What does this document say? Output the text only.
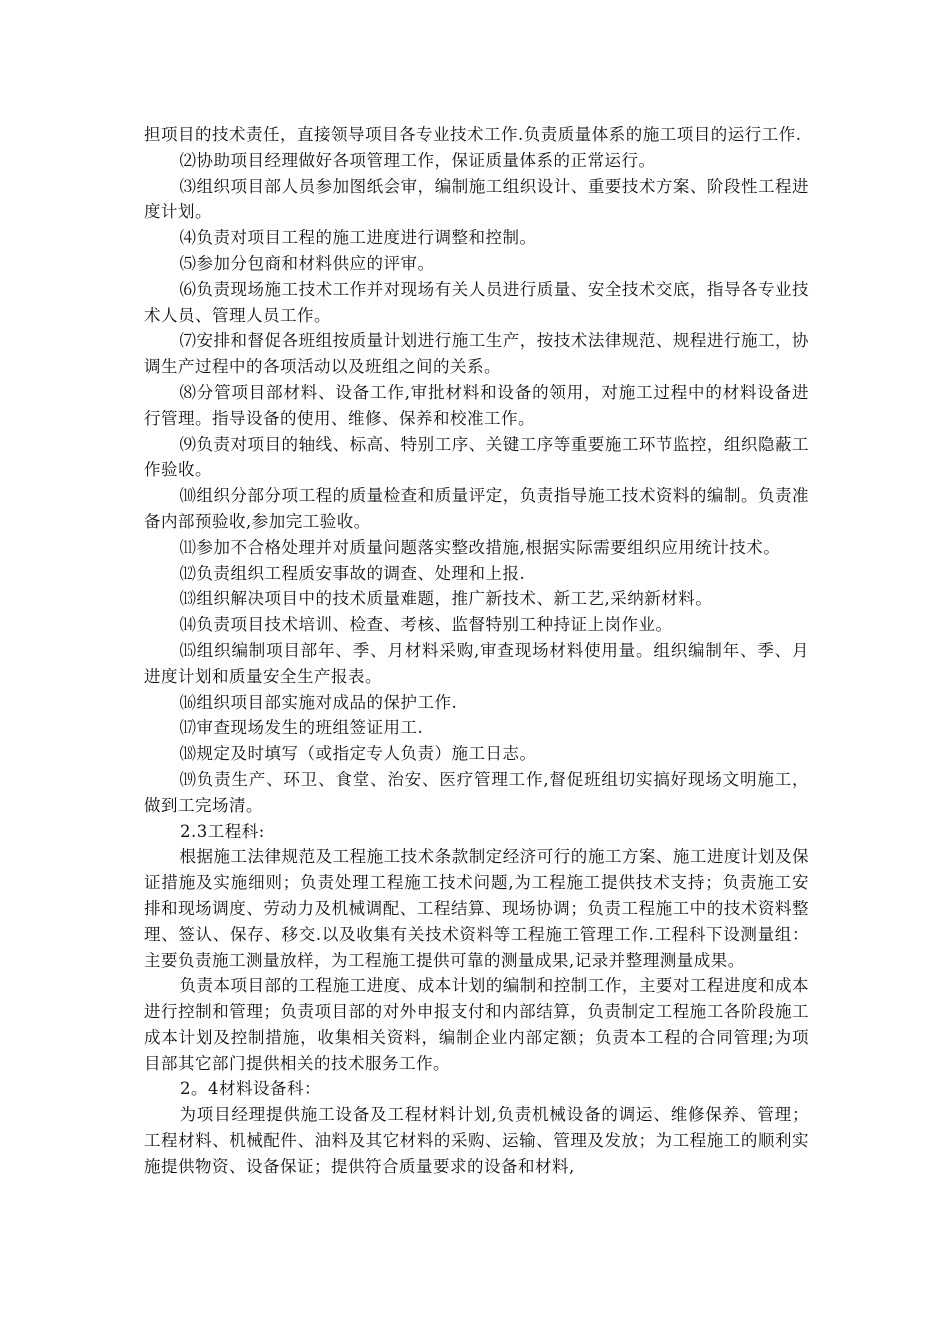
担项目的技术责任，直接领导项目各专业技术工作.负责质量体系的施工项目的运行工作.

⑵协助项目经理做好各项管理工作，保证质量体系的正常运行。

⑶组织项目部人员参加图纸会审，编制施工组织设计、重要技术方案、阶段性工程进度计划。

⑷负责对项目工程的施工进度进行调整和控制。

⑸参加分包商和材料供应的评审。

⑹负责现场施工技术工作并对现场有关人员进行质量、安全技术交底，指导各专业技术人员、管理人员工作。

⑺安排和督促各班组按质量计划进行施工生产，按技术法律规范、规程进行施工，协调生产过程中的各项活动以及班组之间的关系。

⑻分管项目部材料、设备工作,审批材料和设备的领用，对施工过程中的材料设备进行管理。指导设备的使用、维修、保养和校准工作。

⑼负责对项目的轴线、标高、特别工序、关键工序等重要施工环节监控，组织隐蔽工作验收。

⑽组织分部分项工程的质量检查和质量评定，负责指导施工技术资料的编制。负责准备内部预验收,参加完工验收。

⑾参加不合格处理并对质量问题落实整改措施,根据实际需要组织应用统计技术。

⑿负责组织工程质安事故的调查、处理和上报.

⒀组织解决项目中的技术质量难题，推广新技术、新工艺,采纳新材料。

⒁负责项目技术培训、检查、考核、监督特别工种持证上岗作业。

⒂组织编制项目部年、季、月材料采购,审查现场材料使用量。组织编制年、季、月进度计划和质量安全生产报表。

⒃组织项目部实施对成品的保护工作.

⒄审查现场发生的班组签证用工.

⒅规定及时填写（或指定专人负责）施工日志。

⒆负责生产、环卫、食堂、治安、医疗管理工作,督促班组切实搞好现场文明施工，做到工完场清。

2.3工程科:

根据施工法律规范及工程施工技术条款制定经济可行的施工方案、施工进度计划及保证措施及实施细则；负责处理工程施工技术问题,为工程施工提供技术支持；负责施工安排和现场调度、劳动力及机械调配、工程结算、现场协调；负责工程施工中的技术资料整理、签认、保存、移交.以及收集有关技术资料等工程施工管理工作.工程科下设测量组：主要负责施工测量放样，为工程施工提供可靠的测量成果,记录并整理测量成果。

负责本项目部的工程施工进度、成本计划的编制和控制工作，主要对工程进度和成本进行控制和管理；负责项目部的对外申报支付和内部结算，负责制定工程施工各阶段施工成本计划及控制措施，收集相关资料，编制企业内部定额；负责本工程的合同管理;为项目部其它部门提供相关的技术服务工作。

2。4材料设备科：

为项目经理提供施工设备及工程材料计划,负责机械设备的调运、维修保养、管理；工程材料、机械配件、油料及其它材料的采购、运输、管理及发放；为工程施工的顺利实施提供物资、设备保证；提供符合质量要求的设备和材料,
